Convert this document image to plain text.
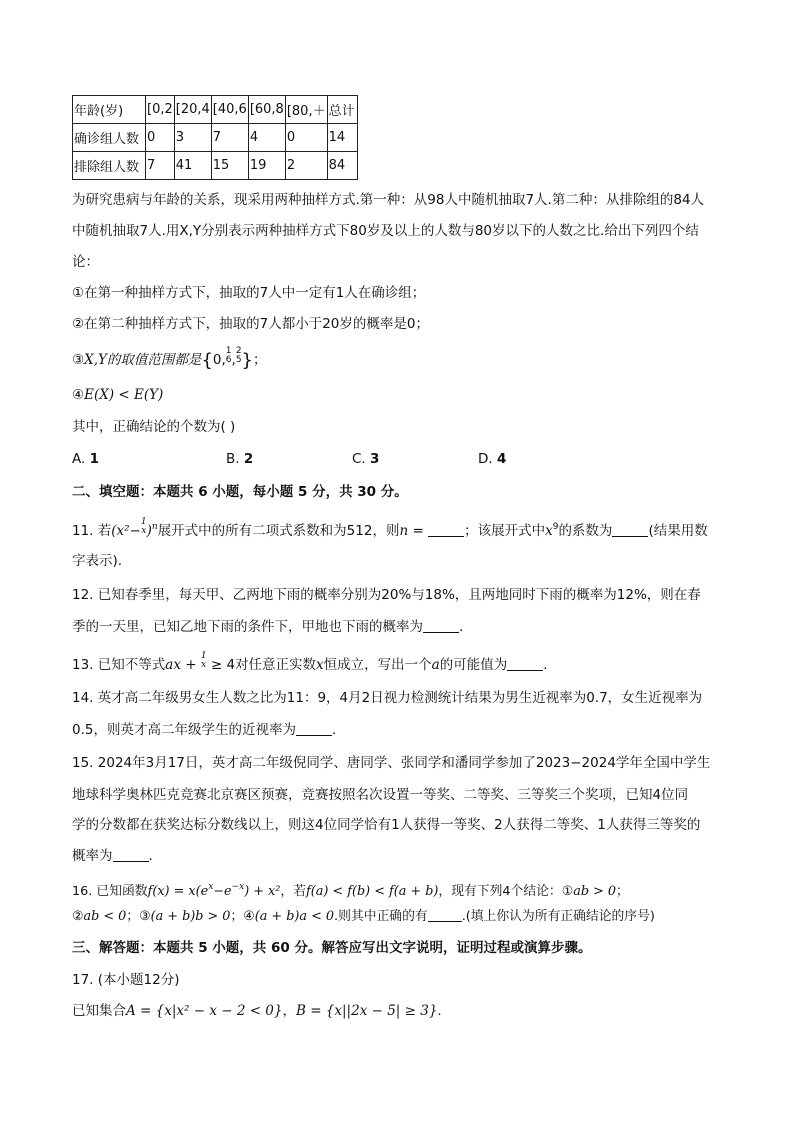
年龄(岁)	[0,2	[20,4	[40,6	[60,8	[80,＋	总计
确诊组人数	0	3	7	4	0	14
排除组人数	7	41	15	19	2	84
为研究患病与年龄的关系，现采用两种抽样方式.第一种：从98人中随机抽取7人.第二种：从排除组的84人
中随机抽取7人.用X,Y分别表示两种抽样方式下80岁及以上的人数与80岁以下的人数之比.给出下列四个结
论：
①在第一种抽样方式下，抽取的7人中一定有1人在确诊组；
②在第二种抽样方式下，抽取的7人都小于20岁的概率是0；
③X,Y的取值范围都是{0,
1
6 ,
2
5 }；
④E(X) < E(Y)
其中，正确结论的个数为( )
A. 1	B. 2	C. 3	D. 4
二、填空题：本题共 6 小题，每小题 5 分，共 30 分。
11. 若(x²−
1
x )$^n$展开式中的所有二项式系数和为512，则n =	；该展开式中$x^9$的系数为	(结果用数
字表示).
12. 已知春季里，每天甲、乙两地下雨的概率分别为20%与18%，且两地同时下雨的概率为12%，则在春
季的一天里，已知乙地下雨的条件下，甲地也下雨的概率为	.
13. 已知不等式ax +
1
x ≥ 4对任意正实数x恒成立，写出一个a的可能值为	.
14. 英才高二年级男女生人数之比为11：9，4月2日视力检测统计结果为男生近视率为0.7，女生近视率为
0.5，则英才高二年级学生的近视率为	.
15. 2024年3月17日，英才高二年级倪同学、唐同学、张同学和潘同学参加了2023−2024学年全国中学生
地球科学奥林匹克竞赛北京赛区预赛，竞赛按照名次设置一等奖、二等奖、三等奖三个奖项，已知4位同
学的分数都在获奖达标分数线以上，则这4位同学恰有1人获得一等奖、2人获得二等奖、1人获得三等奖的
概率为	.
16. 已知函数$f(x) = x(e^x-e^{-x}) + x^2$，若f(a) < f(b) < f(a + b)，现有下列4个结论：①ab > 0；
②ab < 0；③(a + b)b > 0；④(a + b)a < 0.则其中正确的有	.(填上你认为所有正确结论的序号)
三、解答题：本题共 5 小题，共 60 分。解答应写出文字说明，证明过程或演算步骤。
17. (本小题12分)
已知集合A = {x|x² − x − 2 < 0}，B = {x||2x − 5| ≥ 3}.
